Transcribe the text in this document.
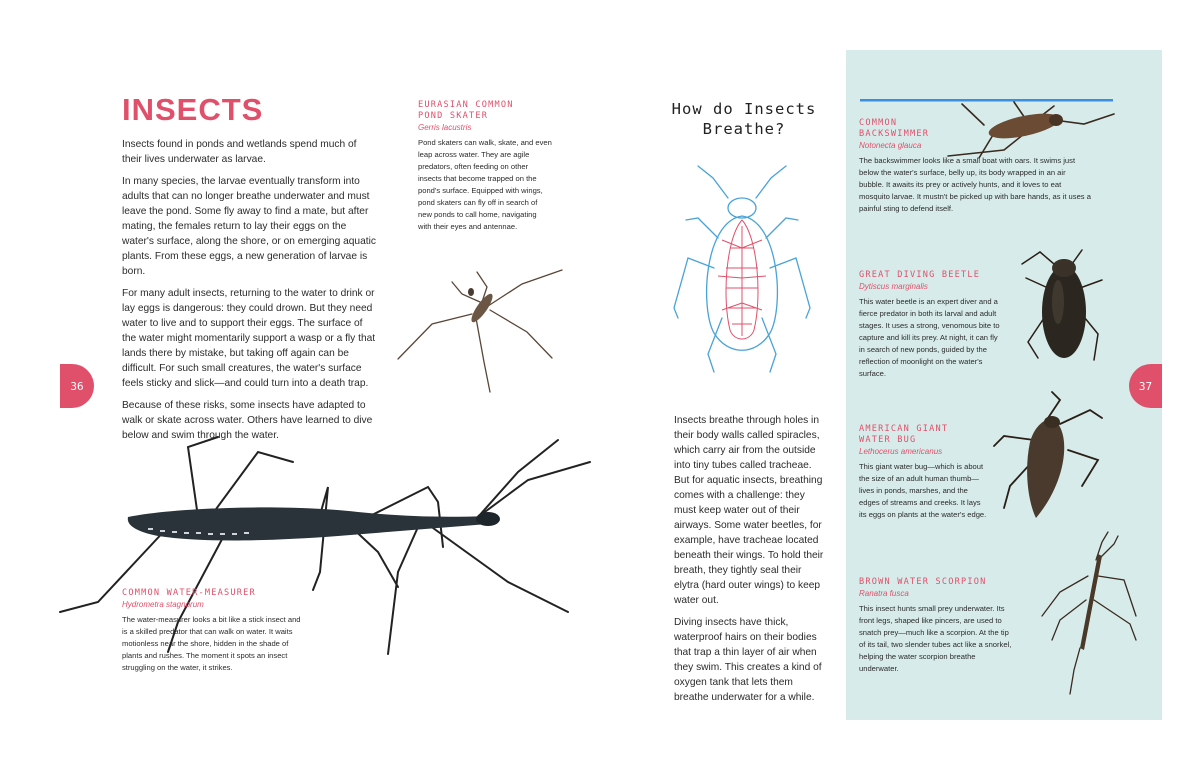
INSECTS

Insects found in ponds and wetlands spend much of their lives underwater as larvae.

In many species, the larvae eventually transform into adults that can no longer breathe underwater and must leave the pond. Some fly away to find a mate, but after mating, the females return to lay their eggs on the water's surface, along the shore, or on emerging aquatic plants. From these eggs, a new generation of larvae is born.

For many adult insects, returning to the water to drink or lay eggs is dangerous: they could drown. But they need water to live and to support their eggs. The surface of the water might momentarily support a wasp or a fly that lands there by mistake, but taking off again can be difficult. For such small creatures, the water's surface feels sticky and slick—and could turn into a death trap.

Because of these risks, some insects have adapted to walk or skate across water. Others have learned to dive below and swim through the water.

EURASIAN COMMON
POND SKATER
Gerris lacustris

Pond skaters can walk, skate, and even leap across water. They are agile predators, often feeding on other insects that become trapped on the pond's surface. Equipped with wings, pond skaters can fly off in search of new ponds to call home, navigating with their eyes and antennae.

COMMON WATER-MEASURER
Hydrometra stagnorum

The water-measurer looks a bit like a stick insect and is a skilled predator that can walk on water. It waits motionless near the shore, hidden in the shade of plants and rushes. The moment it spots an insect struggling on the water, it strikes.

36
How do Insects
Breathe?

Insects breathe through holes in their body walls called spiracles, which carry air from the outside into tiny tubes called tracheae. But for aquatic insects, breathing comes with a challenge: they must keep water out of their airways. Some water beetles, for example, have tracheae located beneath their wings. To hold their breath, they tightly seal their elytra (hard outer wings) to keep water out.

Diving insects have thick, waterproof hairs on their bodies that trap a thin layer of air when they swim. This creates a kind of oxygen tank that lets them breathe underwater for a while.

COMMON
BACKSWIMMER
Notonecta glauca

The backswimmer looks like a small boat with oars. It swims just below the water's surface, belly up, its body wrapped in an air bubble. It awaits its prey or actively hunts, and it loves to eat mosquito larvae. It mustn't be picked up with bare hands, as it uses a painful sting to defend itself.

GREAT DIVING BEETLE
Dytiscus marginalis

This water beetle is an expert diver and a fierce predator in both its larval and adult stages. It uses a strong, venomous bite to capture and kill its prey. At night, it can fly in search of new ponds, guided by the reflection of moonlight on the water's surface.

AMERICAN GIANT
WATER BUG
Lethocerus americanus

This giant water bug—which is about the size of an adult human thumb—lives in ponds, marshes, and the edges of streams and creeks. It lays its eggs on plants at the water's edge.

BROWN WATER SCORPION
Ranatra fusca

This insect hunts small prey underwater. Its front legs, shaped like pincers, are used to snatch prey—much like a scorpion. At the tip of its tail, two slender tubes act like a snorkel, helping the water scorpion breathe underwater.

37
